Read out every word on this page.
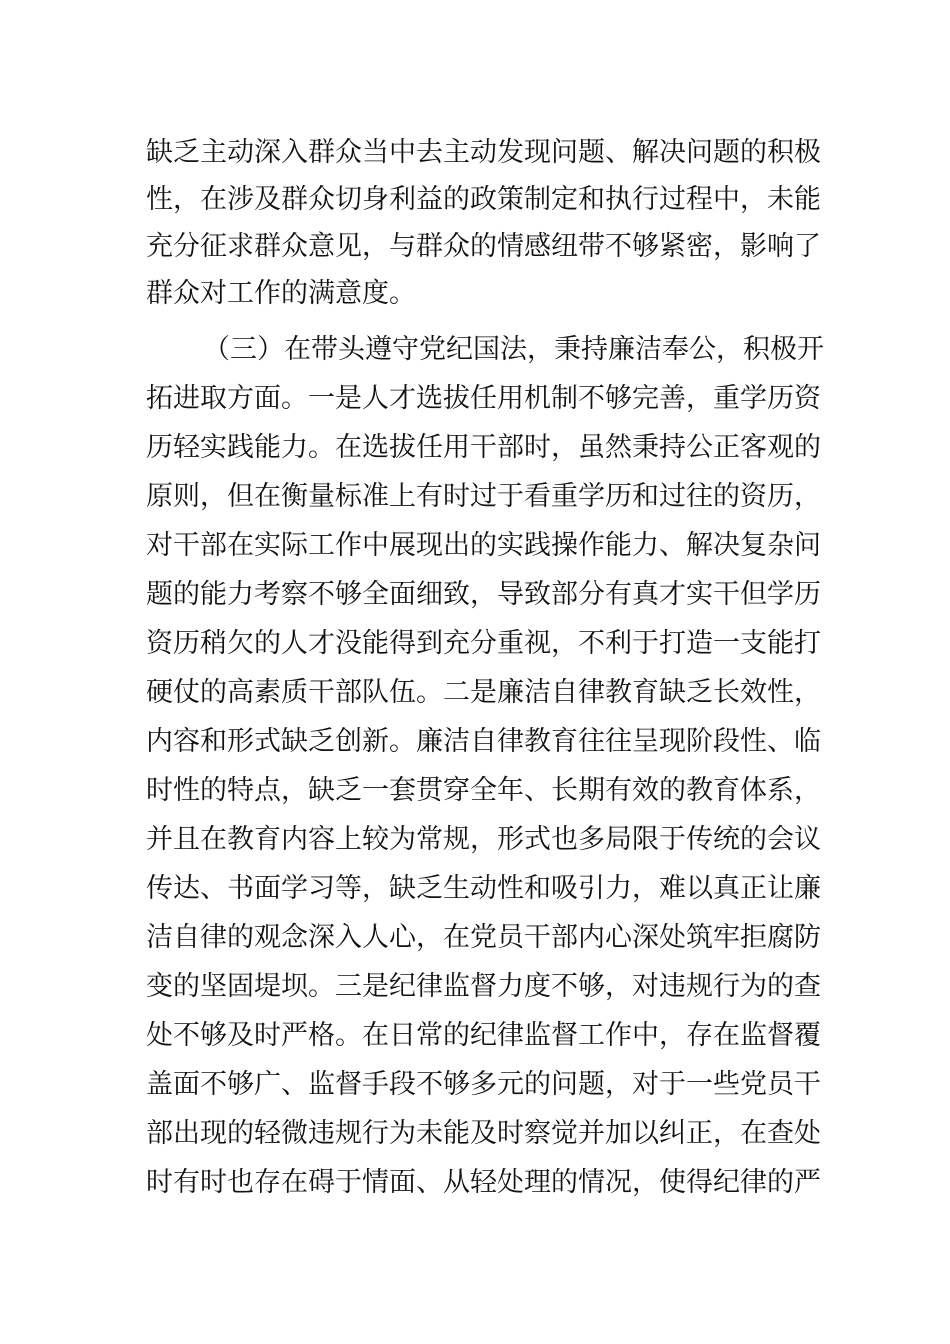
缺乏主动深入群众当中去主动发现问题、解决问题的积极
性，在涉及群众切身利益的政策制定和执行过程中，未能
充分征求群众意见，与群众的情感纽带不够紧密，影响了
群众对工作的满意度。
（三）在带头遵守党纪国法，秉持廉洁奉公，积极开
拓进取方面。一是人才选拔任用机制不够完善，重学历资
历轻实践能力。在选拔任用干部时，虽然秉持公正客观的
原则，但在衡量标准上有时过于看重学历和过往的资历，
对干部在实际工作中展现出的实践操作能力、解决复杂问
题的能力考察不够全面细致，导致部分有真才实干但学历
资历稍欠的人才没能得到充分重视，不利于打造一支能打
硬仗的高素质干部队伍。二是廉洁自律教育缺乏长效性，
内容和形式缺乏创新。廉洁自律教育往往呈现阶段性、临
时性的特点，缺乏一套贯穿全年、长期有效的教育体系，
并且在教育内容上较为常规，形式也多局限于传统的会议
传达、书面学习等，缺乏生动性和吸引力，难以真正让廉
洁自律的观念深入人心，在党员干部内心深处筑牢拒腐防
变的坚固堤坝。三是纪律监督力度不够，对违规行为的查
处不够及时严格。在日常的纪律监督工作中，存在监督覆
盖面不够广、监督手段不够多元的问题，对于一些党员干
部出现的轻微违规行为未能及时察觉并加以纠正，在查处
时有时也存在碍于情面、从轻处理的情况，使得纪律的严
